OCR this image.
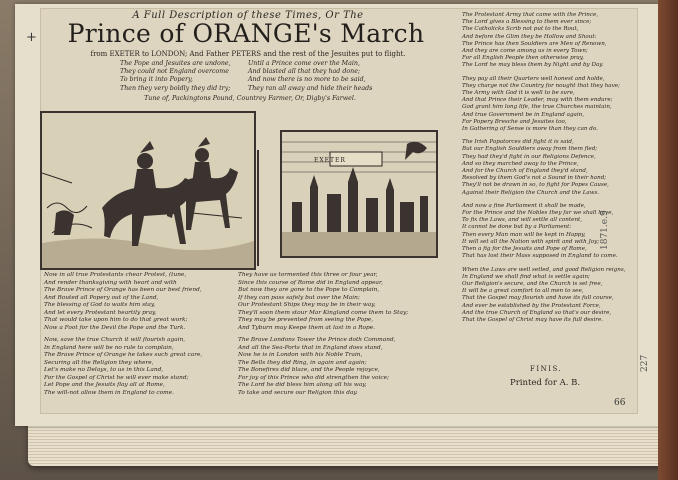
+
A Full Description of these Times, Or The
Prince of ORANGE's March
from EXETER to LONDON; And Father PETERS and the rest of the Jesuites put to flight.
The Pope and Jesuites are undone,
They could not England overcome
To bring it into Popery,
Then they very boldly they did try;
Until a Prince come over the Main,
And blasted all that they had done;
And now there is no more to be said,
They ran all away and hide their heads
Tune of, Packingtons Pound, Countrey Farmer, Or, Digby's Farwel.
EXETER
Now in all true Protestants chear Protest, (tune,
And render thanksgiving with heart and with
The Brave Prince of Orange has been our best friend,
And Routed all Popery out of the Land,
The blessing of God to waits him stay,
And let every Protestant heartily pray,
That would take upon him to do that great work;
Now a Foot for the Devil the Pope and the Turk.
Now, save the true Church it will flourish again,
In England here will be no rule to complain,
The Brave Prince of Orange he takes such great care,
Securing all the Religion they where,
Let's make no Delays, to us in this Land,
For the Gospel of Christ he will ever make stand;
Let Pope and the Jesuits flay all at Rome,
The will-not allow them in England to come.
They have us tormented this three or four year,
Since this course of Rome did in England appear,
But now they are gone to the Pope to Complain,
If they can pass safely but over the Main;
Our Protestant Ships they may be in their way,
They'll soon them stour Mar Kingland come them to Stay;
They may be prevented from seeing the Pope,
And Tyburn may Keepe them at last in a Rope.
The Brave Londons Tower the Prince doth Command,
And all the Sea-Ports that in England does stand,
Now he is in London with his Noble Train,
The Bells they did Ring, in again and again;
The Bonefires did blaze, and the People rejoyce,
For joy of this Prince who did strengthen the voice;
The Lord he did bless him along all his way,
To take and secure our Religion this day.
The Protestant Army that came with the Prince,
The Lord gives a Blessing to them ever since;
The Catholicks Scrib not put to the Rout,
And before the Glim they be Hollow and Shout:
The Prince has then Souldiers are Men of Renown,
And they are come among us in every Town;
For all English People then otherwise pray,
The Lord he may bless them by Night and by Day.
They pay all their Quarters well honest and holde,
They charge not the Country for nought that they have;
The Army with God it is well to be sure,
And that Prince their Leader, may with them endure;
God grant him long life, the true Churches maintain,
And true Government be in England again,
For Popery Bresche and Jesuites too,
In Gathering of Sense is more than they can do.
The Irish Papatorces did fight it is said,
But our English Souldiers away from them fled;
They had they'd fight in our Religions Defence,
And so they marched away to the Prince,
And for the Church of England they'd stand,
Resolved by them God's not a Sound in their hand;
They'll not be drawn in so, to fight for Popes Cause,
Against their Religion the Church and the Laws.
And now a fine Parliament it shall be made,
For the Prince and the Nobles they far we shall have,
To fix the Laws, and will settle all content,
It cannot be done but by a Parliament:
Then every Man man will be kept in Happy,
It will set all the Nation with spirit and with Joy;
Then a fig for the Jesuits and Pope of Rome,
That has lost their Mass supposed in England to come.
When the Laws are well setled, and good Religion reigns,
In England we shall find what is settle again;
Our Religion's secure, and the Church is set free,
It will be a great comfort to all men to see,
That the Gospel may flourish and have its full course,
And ever be established by the Protestant Force,
And the true Church of England so that's our desire,
That the Gospel of Christ may have its full desire.
FINIS.
Printed for A. B.
1871.e.9
227
66
